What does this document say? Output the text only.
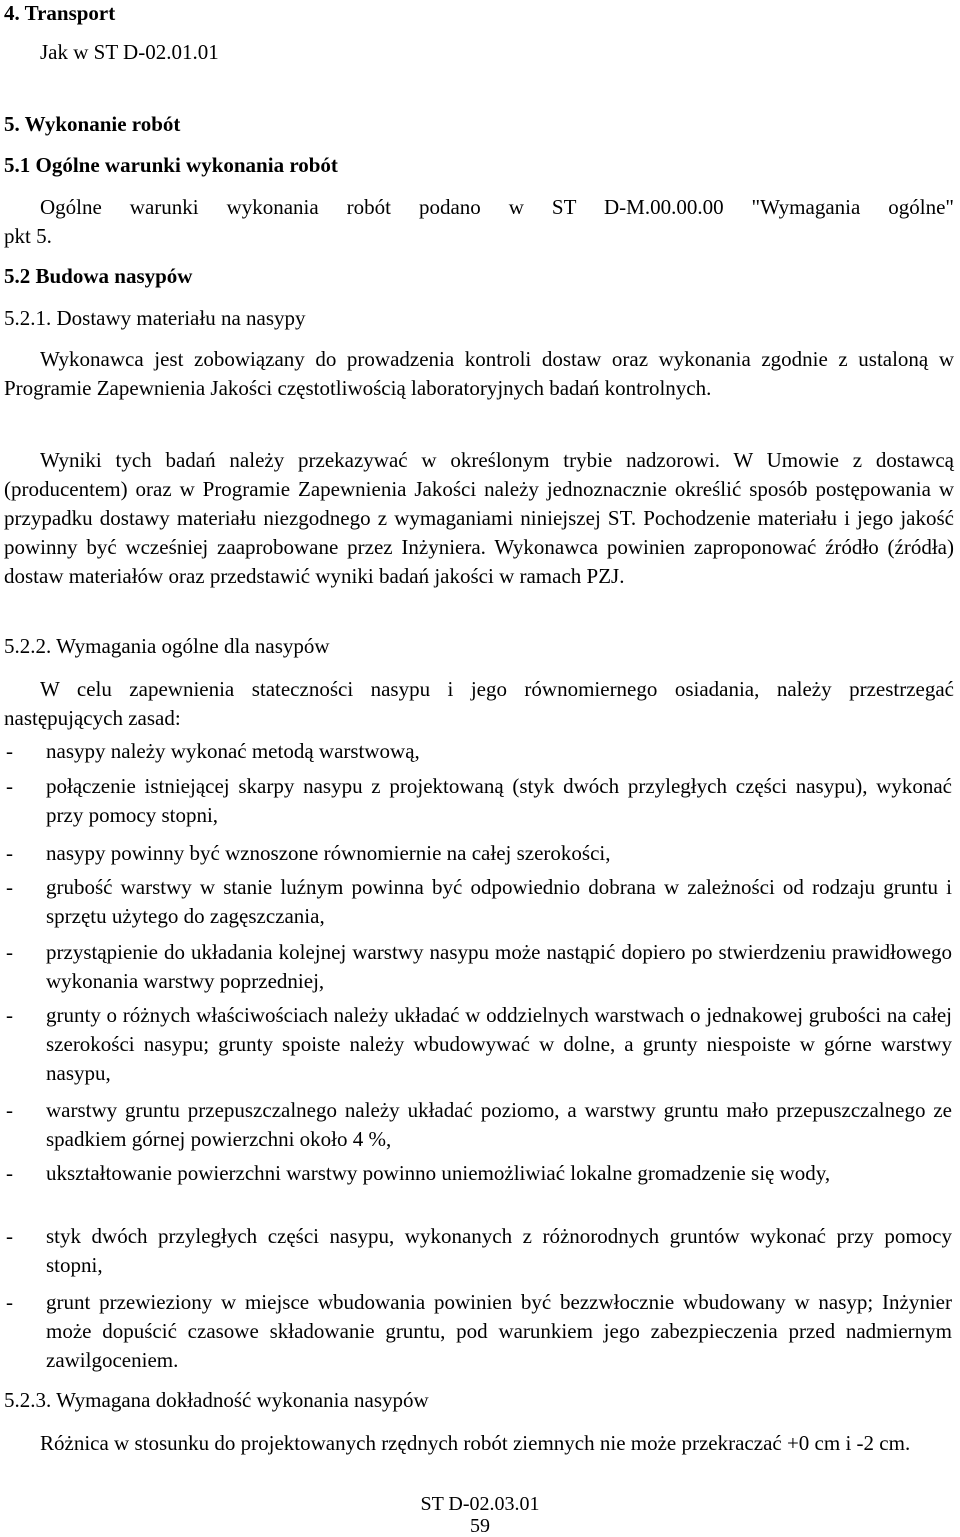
4. Transport
Jak w ST D-02.01.01
5. Wykonanie robót
5.1 Ogólne warunki wykonania robót
Ogólne warunki wykonania robót podano w ST D-M.00.00.00 "Wymagania ogólne"
pkt 5.
5.2 Budowa nasypów
5.2.1. Dostawy materiału na nasypy
Wykonawca jest zobowiązany do prowadzenia kontroli dostaw oraz wykonania zgodnie z ustaloną w Programie Zapewnienia Jakości częstotliwością laboratoryjnych badań kontrolnych.
Wyniki tych badań należy przekazywać w określonym trybie nadzorowi. W Umowie z dostawcą (producentem) oraz w Programie Zapewnienia Jakości należy jednoznacznie określić sposób postępowania w przypadku dostawy materiału niezgodnego z wymaganiami niniejszej ST. Pochodzenie materiału i jego jakość powinny być wcześniej zaaprobowane przez Inżyniera. Wykonawca powinien zaproponować źródło (źródła) dostaw materiałów oraz przedstawić wyniki badań jakości w ramach PZJ.
5.2.2. Wymagania ogólne dla nasypów
W celu zapewnienia stateczności nasypu i jego równomiernego osiadania, należy przestrzegać następujących zasad:
- nasypy należy wykonać metodą warstwową,
- połączenie istniejącej skarpy nasypu z projektowaną (styk dwóch przyległych części nasypu), wykonać przy pomocy stopni,
- nasypy powinny być wznoszone równomiernie na całej szerokości,
- grubość warstwy w stanie luźnym powinna być odpowiednio dobrana w zależności od rodzaju gruntu i sprzętu użytego do zagęszczania,
- przystąpienie do układania kolejnej warstwy nasypu może nastąpić dopiero po stwierdzeniu prawidłowego wykonania warstwy poprzedniej,
- grunty o różnych właściwościach należy układać w oddzielnych warstwach o jednakowej grubości na całej szerokości nasypu; grunty spoiste należy wbudowywać w dolne, a grunty niespoiste w górne warstwy nasypu,
- warstwy gruntu przepuszczalnego należy układać poziomo, a warstwy gruntu mało przepuszczalnego ze spadkiem górnej powierzchni około 4 %,
- ukształtowanie powierzchni warstwy powinno uniemożliwiać lokalne gromadzenie się wody,
- styk dwóch przyległych części nasypu, wykonanych z różnorodnych gruntów wykonać przy pomocy stopni,
- grunt przewieziony w miejsce wbudowania powinien być bezzwłocznie wbudowany w nasyp; Inżynier może dopuścić czasowe składowanie gruntu, pod warunkiem jego zabezpieczenia przed nadmiernym zawilgoceniem.
5.2.3. Wymagana dokładność wykonania nasypów
Różnica w stosunku do projektowanych rzędnych robót ziemnych nie może przekraczać +0 cm i -2 cm.
ST D-02.03.01
59
